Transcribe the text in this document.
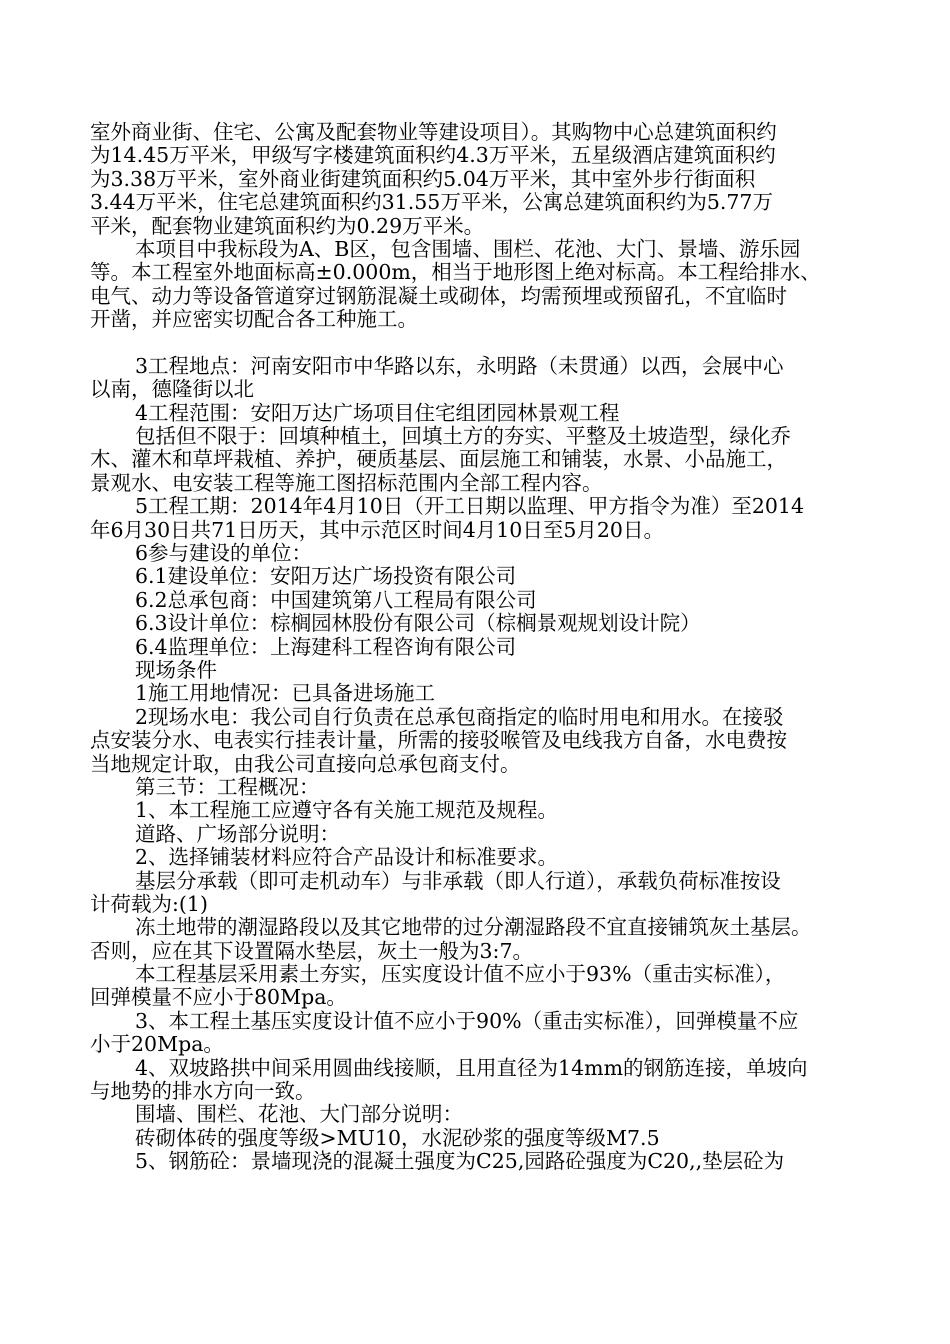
室外商业街、住宅、公寓及配套物业等建设项目）。其购物中心总建筑面积约
为14.45万平米，甲级写字楼建筑面积约4.3万平米，五星级酒店建筑面积约
为3.38万平米，室外商业街建筑面积约5.04万平米，其中室外步行街面积
3.44万平米，住宅总建筑面积约31.55万平米，公寓总建筑面积约为5.77万
平米，配套物业建筑面积约为0.29万平米。
本项目中我标段为A、B区，包含围墙、围栏、花池、大门、景墙、游乐园
等。本工程室外地面标高±0.000m，相当于地形图上绝对标高。本工程给排水、
电气、动力等设备管道穿过钢筋混凝土或砌体，均需预埋或预留孔，不宜临时
开凿，并应密实切配合各工种施工。
3工程地点：河南安阳市中华路以东，永明路（未贯通）以西，会展中心
以南，德隆街以北
4工程范围：安阳万达广场项目住宅组团园林景观工程
包括但不限于：回填种植土，回填土方的夯实、平整及土坡造型，绿化乔
木、灌木和草坪栽植、养护，硬质基层、面层施工和铺装，水景、小品施工，
景观水、电安装工程等施工图招标范围内全部工程内容。
5工程工期：2014年4月10日（开工日期以监理、甲方指令为准）至2014
年6月30日共71日历天，其中示范区时间4月10日至5月20日。
6参与建设的单位：
6.1建设单位：安阳万达广场投资有限公司
6.2总承包商：中国建筑第八工程局有限公司
6.3设计单位：棕榈园林股份有限公司（棕榈景观规划设计院）
6.4监理单位：上海建科工程咨询有限公司
现场条件
1施工用地情况：已具备进场施工
2现场水电：我公司自行负责在总承包商指定的临时用电和用水。在接驳
点安装分水、电表实行挂表计量，所需的接驳喉管及电线我方自备，水电费按
当地规定计取，由我公司直接向总承包商支付。
第三节：工程概况：
1、本工程施工应遵守各有关施工规范及规程。
道路、广场部分说明：
2、选择铺装材料应符合产品设计和标准要求。
基层分承载（即可走机动车）与非承载（即人行道），承载负荷标准按设
计荷载为:(1)
冻土地带的潮湿路段以及其它地带的过分潮湿路段不宜直接铺筑灰土基层。
否则，应在其下设置隔水垫层，灰土一般为3:7。
本工程基层采用素土夯实，压实度设计值不应小于93%（重击实标准），
回弹模量不应小于80Mpa。
3、本工程土基压实度设计值不应小于90%（重击实标准），回弹模量不应
小于20Mpa。
4、双坡路拱中间采用圆曲线接顺，且用直径为14mm的钢筋连接，单坡向
与地势的排水方向一致。
围墙、围栏、花池、大门部分说明：
砖砌体砖的强度等级>MU10，水泥砂浆的强度等级M7.5
5、钢筋砼：景墙现浇的混凝土强度为C25,园路砼强度为C20,,垫层砼为
